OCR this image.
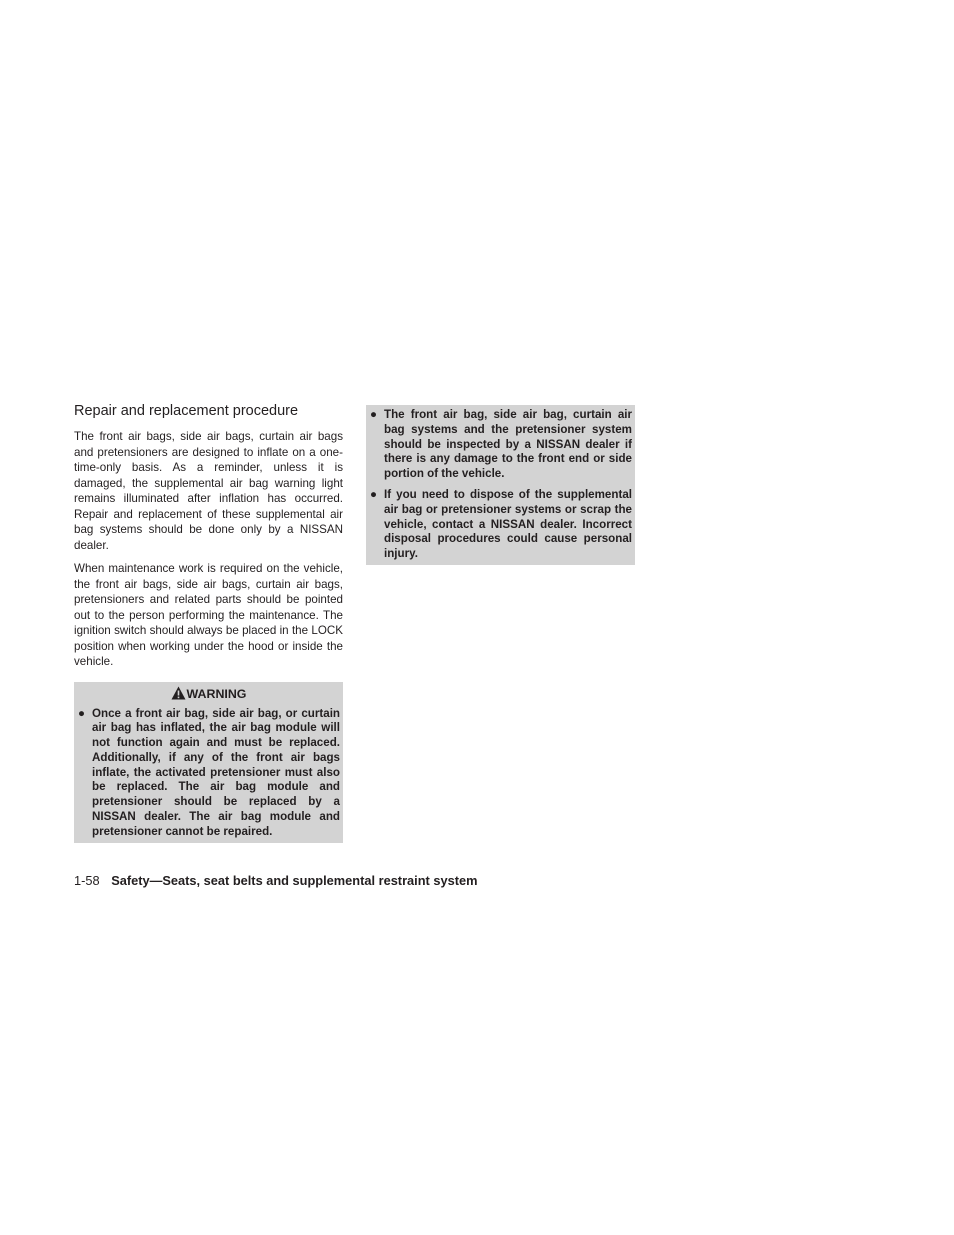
Repair and replacement procedure

The front air bags, side air bags, curtain air bags and pretensioners are designed to inflate on a one-time-only basis. As a reminder, unless it is damaged, the supplemental air bag warning light remains illuminated after inflation has occurred. Repair and replacement of these supplemental air bag systems should be done only by a NISSAN dealer.

When maintenance work is required on the vehicle, the front air bags, side air bags, curtain air bags, pretensioners and related parts should be pointed out to the person performing the maintenance. The ignition switch should always be placed in the LOCK position when working under the hood or inside the vehicle.

WARNING
● Once a front air bag, side air bag, or curtain air bag has inflated, the air bag module will not function again and must be replaced. Additionally, if any of the front air bags inflate, the activated pretensioner must also be replaced. The air bag module and pretensioner should be replaced by a NISSAN dealer. The air bag module and pretensioner cannot be repaired.
● The front air bag, side air bag, curtain air bag systems and the pretensioner system should be inspected by a NISSAN dealer if there is any damage to the front end or side portion of the vehicle.
● If you need to dispose of the supplemental air bag or pretensioner systems or scrap the vehicle, contact a NISSAN dealer. Incorrect disposal procedures could cause personal injury.
1-58 Safety—Seats, seat belts and supplemental restraint system
